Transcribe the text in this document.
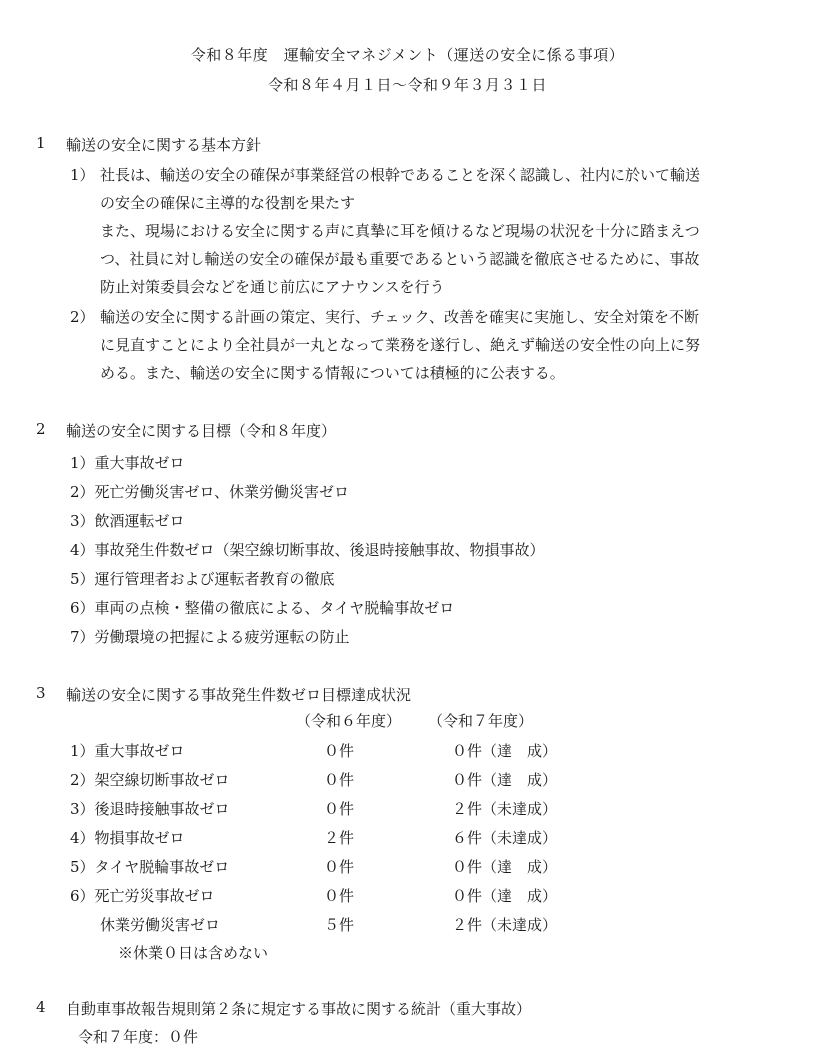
令和８年度　運輸安全マネジメント（運送の安全に係る事項）
令和８年４月１日～令和９年３月３１日
1 輸送の安全に関する基本方針
1） 社長は、輸送の安全の確保が事業経営の根幹であることを深く認識し、社内に於いて輸送
の安全の確保に主導的な役割を果たす
また、現場における安全に関する声に真摯に耳を傾けるなど現場の状況を十分に踏まえつ
つ、社員に対し輸送の安全の確保が最も重要であるという認識を徹底させるために、事故
防止対策委員会などを通じ前広にアナウンスを行う
2） 輸送の安全に関する計画の策定、実行、チェック、改善を確実に実施し、安全対策を不断
に見直すことにより全社員が一丸となって業務を遂行し、絶えず輸送の安全性の向上に努
める。また、輸送の安全に関する情報については積極的に公表する。
2 輸送の安全に関する目標（令和８年度）
1）重大事故ゼロ
2）死亡労働災害ゼロ、休業労働災害ゼロ
3）飲酒運転ゼロ
4）事故発生件数ゼロ（架空線切断事故、後退時接触事故、物損事故）
5）運行管理者および運転者教育の徹底
6）車両の点検・整備の徹底による、タイヤ脱輪事故ゼロ
7）労働環境の把握による疲労運転の防止
3 輸送の安全に関する事故発生件数ゼロ目標達成状況
（令和６年度） （令和７年度）
1）重大事故ゼロ	０件	０件（達　成）
2）架空線切断事故ゼロ	０件	０件（達　成）
3）後退時接触事故ゼロ	０件	２件（未達成）
4）物損事故ゼロ	２件	６件（未達成）
5）タイヤ脱輪事故ゼロ	０件	０件（達　成）
6）死亡労災事故ゼロ	０件	０件（達　成）
　　休業労働災害ゼロ	５件	２件（未達成）
※休業０日は含めない
4 自動車事故報告規則第２条に規定する事故に関する統計（重大事故）
令和７年度：０件
